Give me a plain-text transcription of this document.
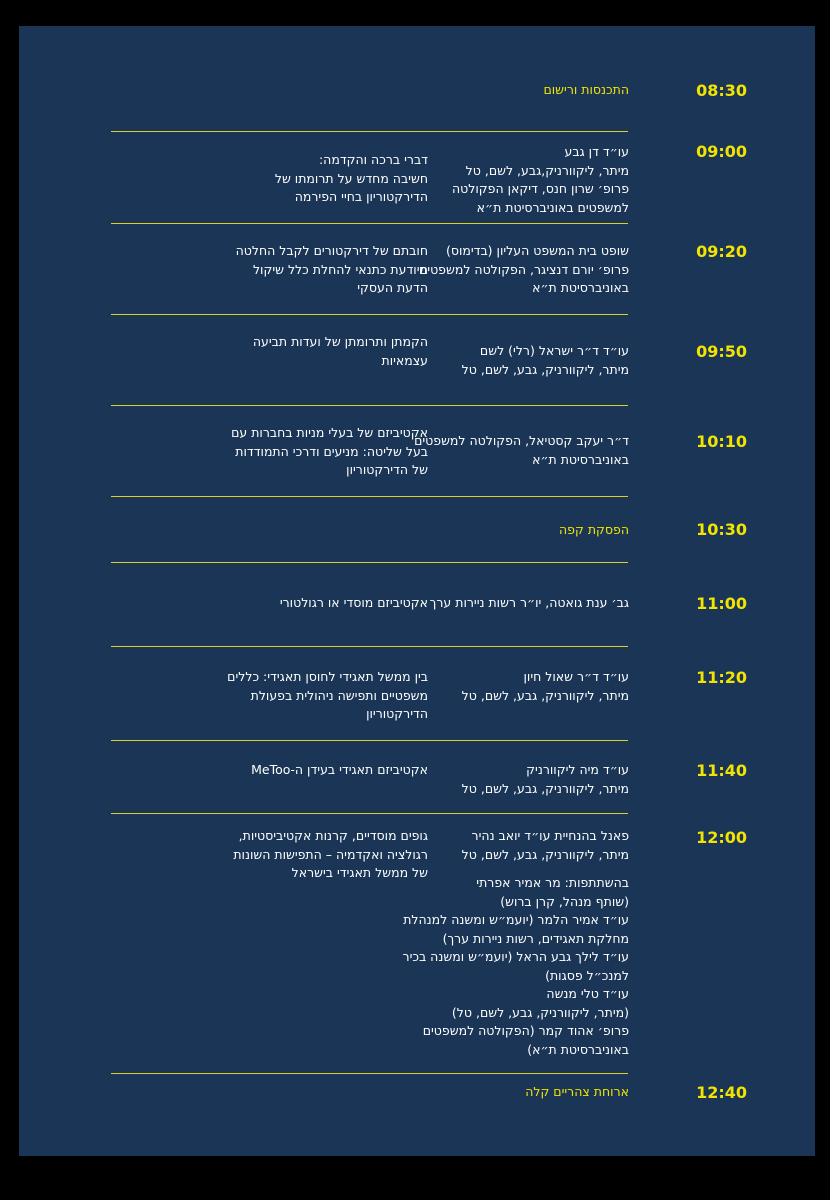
08:30
התכנסות ורישום
09:00
עו״ד דן גבע
מיתר, ליקוורניק,גבע, לשם, טל
פרופ׳ שרון חנס, דיקאן הפקולטה
למשפטים באוניברסיטת ת״א
דברי ברכה והקדמה:
חשיבה מחדש על תרומתו של
הדירקטוריון בחיי הפירמה
09:20
שופט בית המשפט העליון (בדימוס)
פרופ׳ יורם דנציגר, הפקולטה למשפטים
באוניברסיטת ת״א
חובתם של דירקטורים לקבל החלטה
מיודעת כתנאי להחלת כלל שיקול
הדעת העסקי
09:50
עו״ד ד״ר ישראל (רלי) לשם
מיתר, ליקוורניק, גבע, לשם, טל
הקמתן ותרומתן של ועדות תביעה
עצמאיות
10:10
ד״ר יעקב קסטיאל, הפקולטה למשפטים
באוניברסיטת ת״א
אקטיביזם של בעלי מניות בחברות עם
בעל שליטה: מניעים ודרכי התמודדות
של הדירקטוריון
10:30
הפסקת קפה
11:00
גב׳ ענת גואטה, יו״ר רשות ניירות ערך
אקטיביזם מוסדי או רגולטורי
11:20
עו״ד ד״ר שאול חיון
מיתר, ליקוורניק, גבע, לשם, טל
בין ממשל תאגידי לחוסן תאגידי: כללים
משפטיים ותפישה ניהולית בפעולת
הדירקטוריון
11:40
עו״ד מיה ליקוורניק
מיתר, ליקוורניק, גבע, לשם, טל
אקטיביזם תאגידי בעידן ה-MeToo
12:00
פאנל בהנחיית עו״ד יואב נהיר
מיתר, ליקוורניק, גבע, לשם, טל
בהשתתפות: מר אמיר אפרתי
(שותף מנהל, קרן ברוש)
עו״ד אמיר הלמר (יועמ״ש ומשנה למנהלת
מחלקת תאגידים, רשות ניירות ערך)
עו״ד לילך גבע הראל (יועמ״ש ומשנה בכיר
למנכ״ל פסגות)
עו״ד טלי מנשה
(מיתר, ליקוורניק, גבע, לשם, טל)
פרופ׳ אהוד קמר (הפקולטה למשפטים
באוניברסיטת ת״א)
גופים מוסדיים, קרנות אקטיביסטיות,
רגולציה ואקדמיה – התפישות השונות
של ממשל תאגידי בישראל
12:40
ארוחת צהריים קלה
